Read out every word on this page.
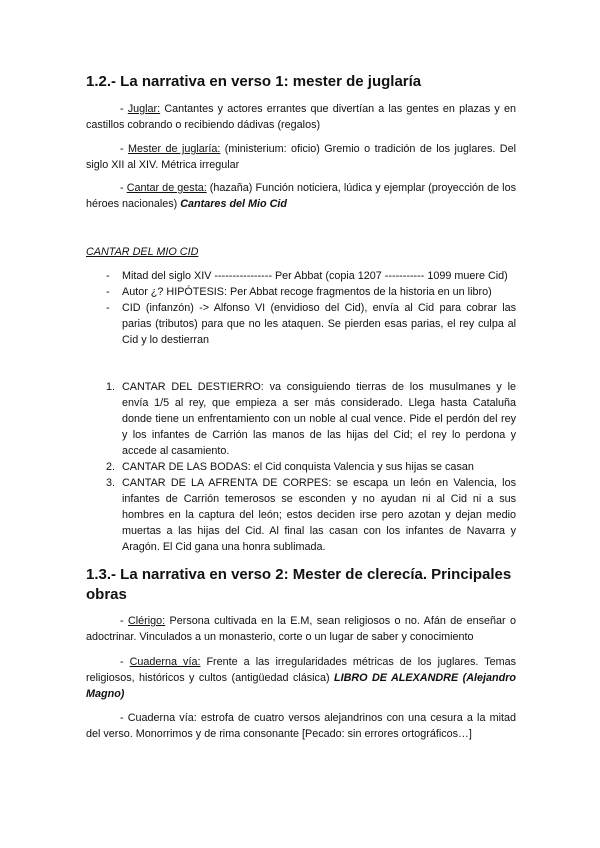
1.2.- La narrativa en verso 1: mester de juglaría
- Juglar: Cantantes y actores errantes que divertían a las gentes en plazas y en castillos cobrando o recibiendo dádivas (regalos)
- Mester de juglaría: (ministerium: oficio) Gremio o tradición de los juglares. Del siglo XII al XIV. Métrica irregular
- Cantar de gesta: (hazaña) Función noticiera, lúdica y ejemplar (proyección de los héroes nacionales) Cantares del Mio Cid
CANTAR DEL MIO CID
-	Mitad del siglo XIV ---------------- Per Abbat (copia 1207 ----------- 1099 muere Cid)
-	Autor ¿? HIPÓTESIS: Per Abbat recoge fragmentos de la historia en un libro)
-	CID (infanzón) -> Alfonso VI (envidioso del Cid), envía al Cid para cobrar las parias (tributos) para que no les ataquen. Se pierden esas parias, el rey culpa al Cid y lo destierran
1. CANTAR DEL DESTIERRO: va consiguiendo tierras de los musulmanes y le envía 1/5 al rey, que empieza a ser más considerado. Llega hasta Cataluña donde tiene un enfrentamiento con un noble al cual vence. Pide el perdón del rey y los infantes de Carrión las manos de las hijas del Cid; el rey lo perdona y accede al casamiento.
2. CANTAR DE LAS BODAS: el Cid conquista Valencia y sus hijas se casan
3. CANTAR DE LA AFRENTA DE CORPES: se escapa un león en Valencia, los infantes de Carrión temerosos se esconden y no ayudan ni al Cid ni a sus hombres en la captura del león; estos deciden irse pero azotan y dejan medio muertas a las hijas del Cid. Al final las casan con los infantes de Navarra y Aragón. El Cid gana una honra sublimada.
1.3.- La narrativa en verso 2: Mester de clerecía. Principales obras
- Clérigo: Persona cultivada en la E.M, sean religiosos o no. Afán de enseñar o adoctrinar. Vinculados a un monasterio, corte o un lugar de saber y conocimiento
- Cuaderna vía: Frente a las irregularidades métricas de los juglares. Temas religiosos, históricos y cultos (antigüedad clásica) LIBRO DE ALEXANDRE (Alejandro Magno)
- Cuaderna vía: estrofa de cuatro versos alejandrinos con una cesura a la mitad del verso. Monorrimos y de rima consonante [Pecado: sin errores ortográficos…]
